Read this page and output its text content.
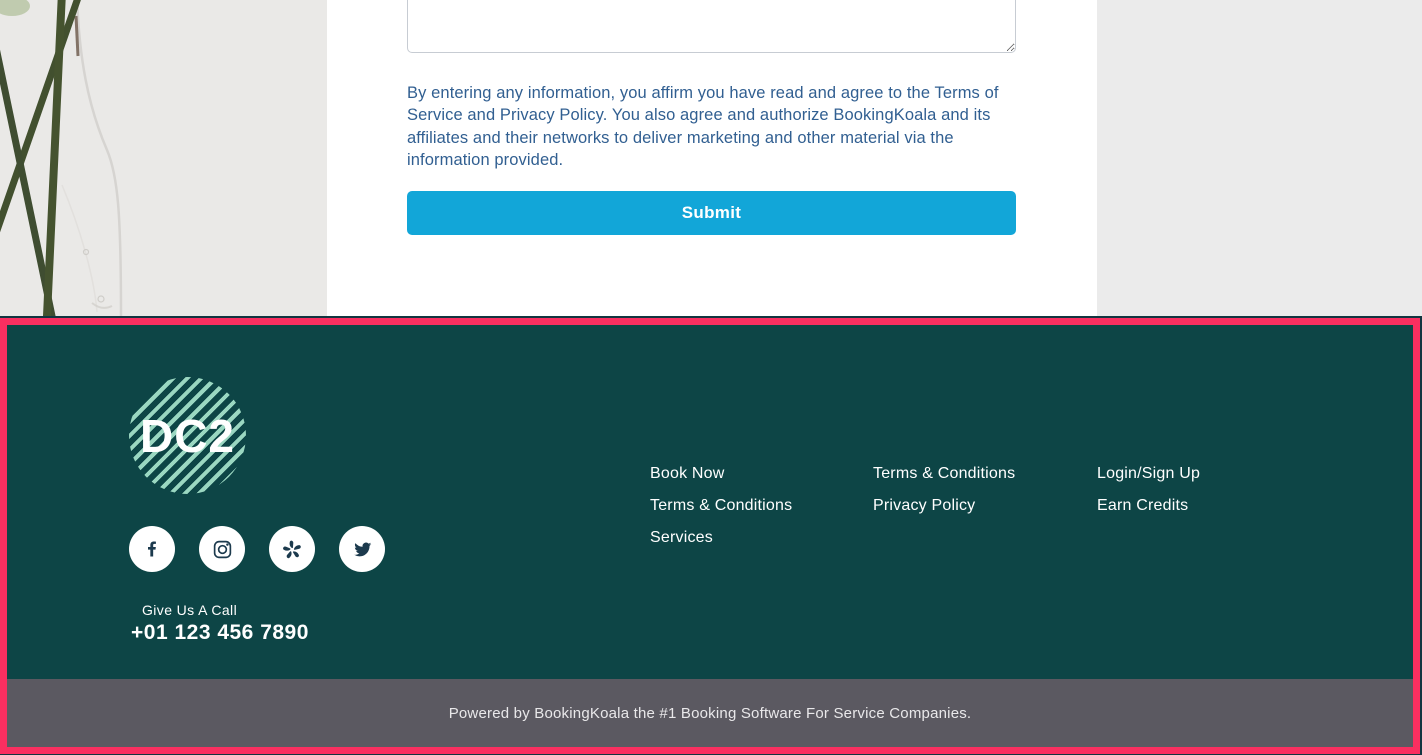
By entering any information, you affirm you have read and agree to the Terms of Service and Privacy Policy. You also agree and authorize BookingKoala and its affiliates and their networks to deliver marketing and other material via the information provided.

Submit
DC2
Give Us A Call
+01 123 456 7890
Book Now
Terms & Conditions
Services
Terms & Conditions
Privacy Policy
Login/Sign Up
Earn Credits
Powered by BookingKoala the #1 Booking Software For Service Companies.
